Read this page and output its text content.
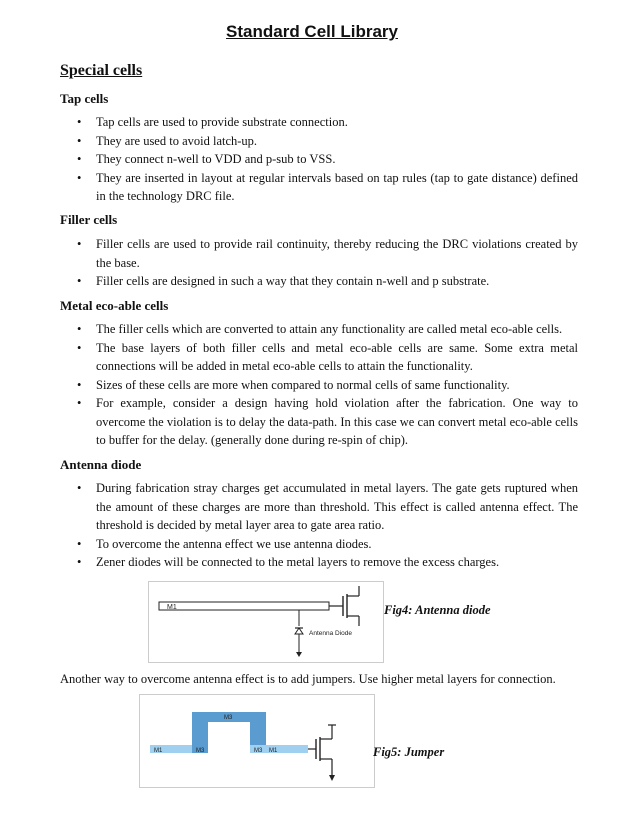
Standard Cell Library
Special cells
Tap cells
• Tap cells are used to provide substrate connection.
• They are used to avoid latch-up.
• They connect n-well to VDD and p-sub to VSS.
• They are inserted in layout at regular intervals based on tap rules (tap to gate distance) defined in the technology DRC file.
Filler cells
• Filler cells are used to provide rail continuity, thereby reducing the DRC violations created by the base.
• Filler cells are designed in such a way that they contain n-well and p substrate.
Metal eco-able cells
• The filler cells which are converted to attain any functionality are called metal eco-able cells.
• The base layers of both filler cells and metal eco-able cells are same. Some extra metal connections will be added in metal eco-able cells to attain the functionality.
• Sizes of these cells are more when compared to normal cells of same functionality.
• For example, consider a design having hold violation after the fabrication. One way to overcome the violation is to delay the data-path. In this case we can convert metal eco-able cells to buffer for the delay. (generally done during re-spin of chip).
Antenna diode
• During fabrication stray charges get accumulated in metal layers. The gate gets ruptured when the amount of these charges are more than threshold. This effect is called antenna effect. The threshold is decided by metal layer area to gate area ratio.
• To overcome the antenna effect we use antenna diodes.
• Zener diodes will be connected to the metal layers to remove the excess charges.
M1
Antenna Diode
Fig4: Antenna diode
Another way to overcome antenna effect is to add jumpers. Use higher metal layers for connection.
M1	M3
M3
M3 M1	Fig5: Jumper
